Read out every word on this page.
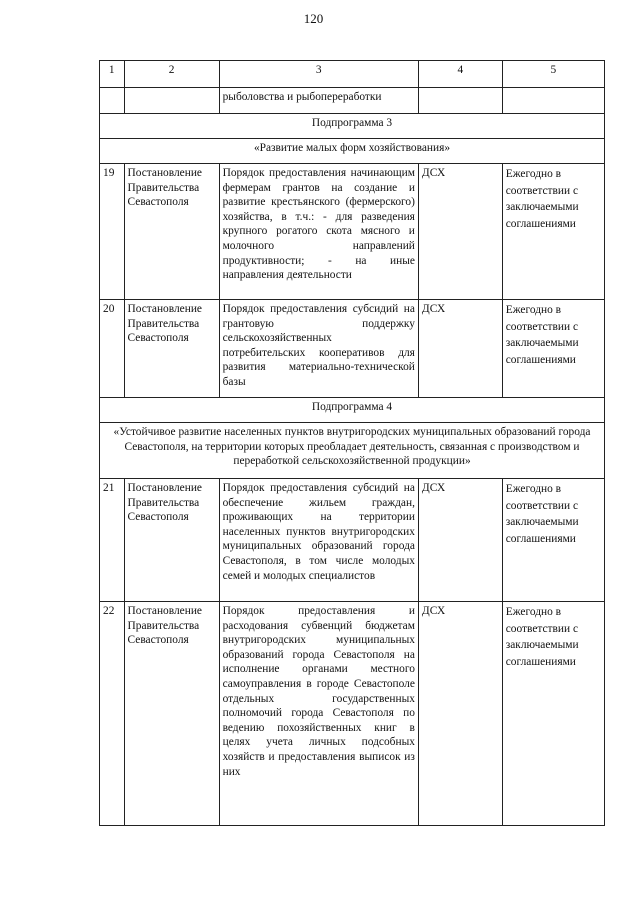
120
1	2	3	4	5
		рыболовства и рыбопереработки		
Подпрограмма 3				
«Развитие малых форм хозяйствования»				
19	Постановление Правительства Севастополя	Порядок предоставления начинающим фермерам грантов на создание и развитие крестьянского (фермерского) хозяйства, в т.ч.: - для разведения крупного рогатого скота мясного и молочного направлений продуктивности; - на иные направления деятельности	ДСХ	Ежегодно в соответствии с заключаемыми соглашениями
20	Постановление Правительства Севастополя	Порядок предоставления субсидий на грантовую поддержку сельскохозяйственных потребительских кооперативов для развития материально-технической базы	ДСХ	Ежегодно в соответствии с заключаемыми соглашениями
Подпрограмма 4				
«Устойчивое развитие населенных пунктов внутригородских муниципальных образований города Севастополя, на территории которых преобладает деятельность, связанная с производством и переработкой сельскохозяйственной продукции»				
21	Постановление Правительства Севастополя	Порядок предоставления субсидий на обеспечение жильем граждан, проживающих на территории населенных пунктов внутригородских муниципальных образований города Севастополя, в том числе молодых семей и молодых специалистов	ДСХ	Ежегодно в соответствии с заключаемыми соглашениями
22	Постановление Правительства Севастополя	Порядок предоставления и расходования субвенций бюджетам внутригородских муниципальных образований города Севастополя на исполнение органами местного самоуправления в городе Севастополе отдельных государственных полномочий города Севастополя по ведению похозяйственных книг в целях учета личных подсобных хозяйств и предоставления выписок из них	ДСХ	Ежегодно в соответствии с заключаемыми соглашениями
